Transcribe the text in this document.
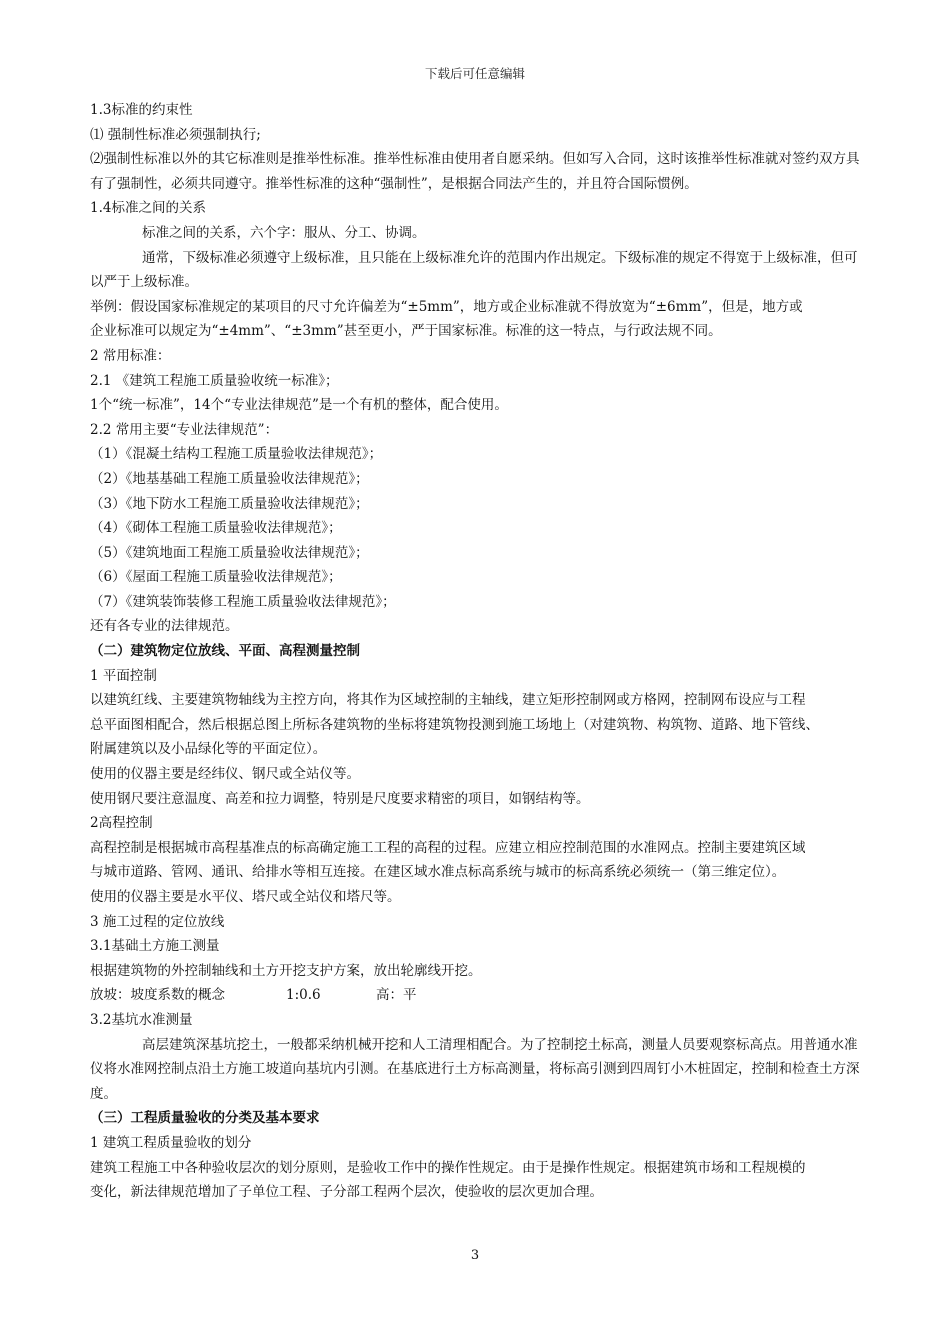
下载后可任意编辑

1.3标准的约束性

⑴ 强制性标准必须强制执行;

⑵强制性标准以外的其它标准则是推举性标准。推举性标准由使用者自愿采纳。但如写入合同，这时该推举性标准就对签约双方具有了强制性，必须共同遵守。推举性标准的这种“强制性”，是根据合同法产生的，并且符合国际惯例。

1.4标准之间的关系

标准之间的关系，六个字：服从、分工、协调。

通常，下级标准必须遵守上级标准，且只能在上级标准允许的范围内作出规定。下级标准的规定不得宽于上级标准，但可以严于上级标准。

举例：假设国家标准规定的某项目的尺寸允许偏差为“±5mm”，地方或企业标准就不得放宽为“±6mm”，但是，地方或

企业标准可以规定为“±4mm”、“±3mm”甚至更小，严于国家标准。标准的这一特点，与行政法规不同。

2 常用标准：

2.1 《建筑工程施工质量验收统一标准》；

1个“统一标准”，14个“专业法律规范”是一个有机的整体，配合使用。

2.2 常用主要“专业法律规范”：

（1）《混凝土结构工程施工质量验收法律规范》；

（2）《地基基础工程施工质量验收法律规范》；

（3）《地下防水工程施工质量验收法律规范》；

（4）《砌体工程施工质量验收法律规范》；

（5）《建筑地面工程施工质量验收法律规范》；

（6）《屋面工程施工质量验收法律规范》；

（7）《建筑装饰装修工程施工质量验收法律规范》；

还有各专业的法律规范。

（二）建筑物定位放线、平面、高程测量控制

1 平面控制

以建筑红线、主要建筑物轴线为主控方向，将其作为区域控制的主轴线，建立矩形控制网或方格网，控制网布设应与工程

总平面图相配合，然后根据总图上所标各建筑物的坐标将建筑物投测到施工场地上（对建筑物、构筑物、道路、地下管线、

附属建筑以及小品绿化等的平面定位）。

使用的仪器主要是经纬仪、钢尺或全站仪等。

使用钢尺要注意温度、高差和拉力调整，特别是尺度要求精密的项目，如钢结构等。

2高程控制

高程控制是根据城市高程基准点的标高确定施工工程的高程的过程。应建立相应控制范围的水准网点。控制主要建筑区域

与城市道路、管网、通讯、给排水等相互连接。在建区域水准点标高系统与城市的标高系统必须统一（第三维定位）。

使用的仪器主要是水平仪、塔尺或全站仪和塔尺等。

3 施工过程的定位放线

3.1基础土方施工测量

根据建筑物的外控制轴线和土方开挖支护方案，放出轮廓线开挖。

放坡：坡度系数的概念	1:0.6	高：平

3.2基坑水准测量

高层建筑深基坑挖土，一般都采纳机械开挖和人工清理相配合。为了控制挖土标高，测量人员要观察标高点。用普通水准仪将水准网控制点沿土方施工坡道向基坑内引测。在基底进行土方标高测量，将标高引测到四周钉小木桩固定，控制和检查土方深度。

（三）工程质量验收的分类及基本要求

1 建筑工程质量验收的划分

建筑工程施工中各种验收层次的划分原则，是验收工作中的操作性规定。由于是操作性规定。根据建筑市场和工程规模的

变化，新法律规范增加了子单位工程、子分部工程两个层次，使验收的层次更加合理。

3
